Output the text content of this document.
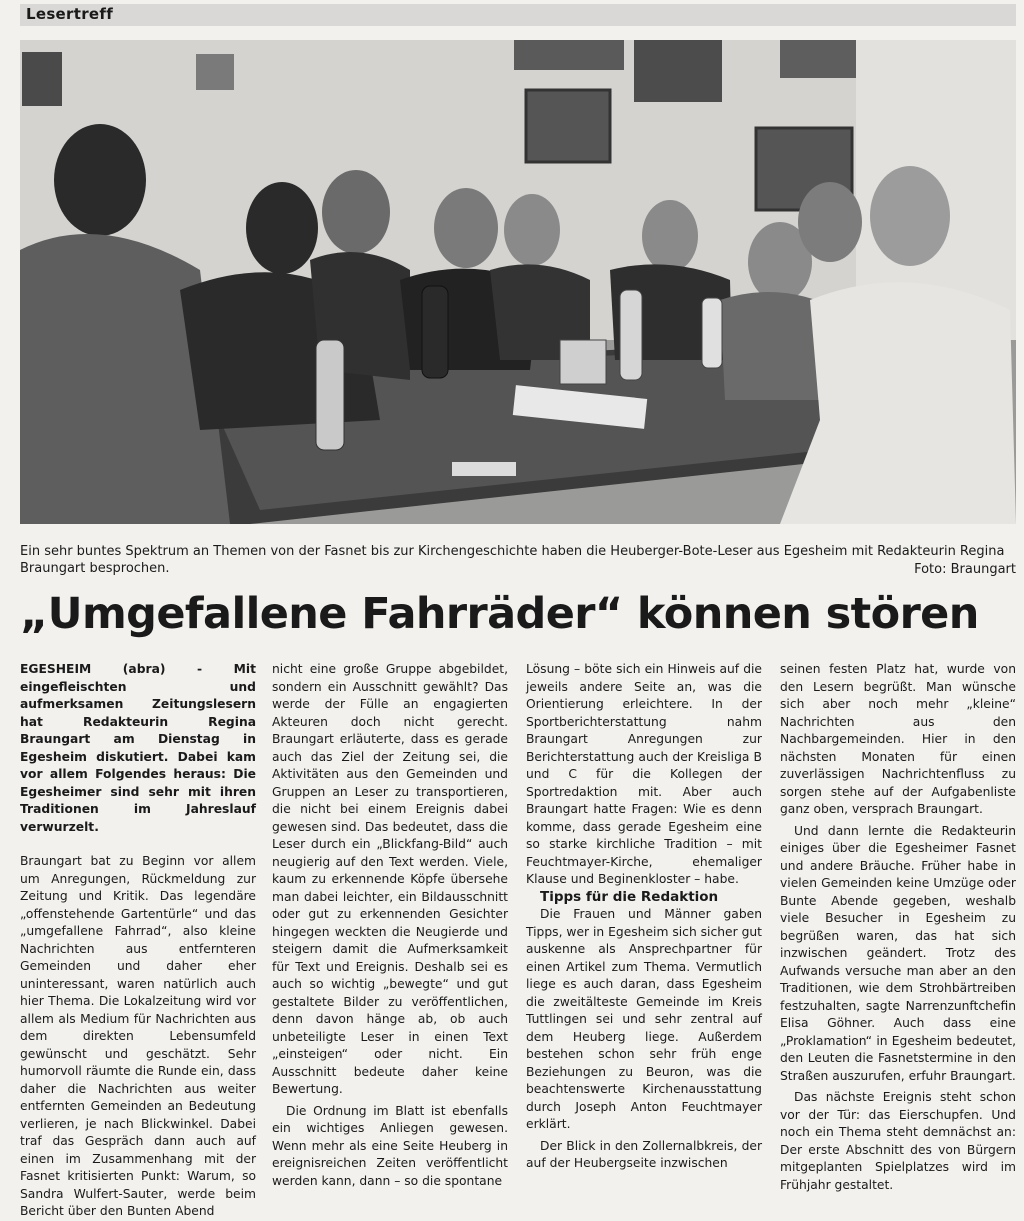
Lesertreff
Ein sehr buntes Spektrum an Themen von der Fasnet bis zur Kirchengeschichte haben die Heuberger-Bote-Leser aus Egesheim mit Redakteurin Regina Braungart besprochen.	Foto: Braungart
„Umgefallene Fahrräder“ können stören

EGESHEIM (abra) - Mit eingefleischten und aufmerksamen Zeitungslesern hat Redakteurin Regina Braungart am Dienstag in Egesheim diskutiert. Dabei kam vor allem Folgendes heraus: Die Egesheimer sind sehr mit ihren Traditionen im Jahreslauf verwurzelt.

Braungart bat zu Beginn vor allem um Anregungen, Rückmeldung zur Zeitung und Kritik. Das legendäre „offenstehende Gartentürle“ und das „umgefallene Fahrrad“, also kleine Nachrichten aus entfernteren Gemeinden und daher eher uninteressant, waren natürlich auch hier Thema. Die Lokalzeitung wird vor allem als Medium für Nachrichten aus dem direkten Lebensumfeld gewünscht und geschätzt. Sehr humorvoll räumte die Runde ein, dass daher die Nachrichten aus weiter entfernten Gemeinden an Bedeutung verlieren, je nach Blickwinkel. Dabei traf das Gespräch dann auch auf einen im Zusammenhang mit der Fasnet kritisierten Punkt: Warum, so Sandra Wulfert-Sauter, werde beim Bericht über den Bunten Abend

nicht eine große Gruppe abgebildet, sondern ein Ausschnitt gewählt? Das werde der Fülle an engagierten Akteuren doch nicht gerecht. Braungart erläuterte, dass es gerade auch das Ziel der Zeitung sei, die Aktivitäten aus den Gemeinden und Gruppen an Leser zu transportieren, die nicht bei einem Ereignis dabei gewesen sind. Das bedeutet, dass die Leser durch ein „Blickfang-Bild“ auch neugierig auf den Text werden. Viele, kaum zu erkennende Köpfe übersehe man dabei leichter, ein Bildausschnitt oder gut zu erkennenden Gesichter hingegen weckten die Neugierde und steigern damit die Aufmerksamkeit für Text und Ereignis. Deshalb sei es auch so wichtig „bewegte“ und gut gestaltete Bilder zu veröffentlichen, denn davon hänge ab, ob auch unbeteiligte Leser in einen Text „einsteigen“ oder nicht. Ein Ausschnitt bedeute daher keine Bewertung.

Die Ordnung im Blatt ist ebenfalls ein wichtiges Anliegen gewesen. Wenn mehr als eine Seite Heuberg in ereignisreichen Zeiten veröffentlicht werden kann, dann – so die spontane

Lösung – böte sich ein Hinweis auf die jeweils andere Seite an, was die Orientierung erleichtere. In der Sportberichterstattung nahm Braungart Anregungen zur Berichterstattung auch der Kreisliga B und C für die Kollegen der Sportredaktion mit. Aber auch Braungart hatte Fragen: Wie es denn komme, dass gerade Egesheim eine so starke kirchliche Tradition – mit Feuchtmayer-Kirche, ehemaliger Klause und Beginenkloster – habe.

Tipps für die Redaktion

Die Frauen und Männer gaben Tipps, wer in Egesheim sich sicher gut auskenne als Ansprechpartner für einen Artikel zum Thema. Vermutlich liege es auch daran, dass Egesheim die zweitälteste Gemeinde im Kreis Tuttlingen sei und sehr zentral auf dem Heuberg liege. Außerdem bestehen schon sehr früh enge Beziehungen zu Beuron, was die beachtenswerte Kirchenausstattung durch Joseph Anton Feuchtmayer erklärt.

Der Blick in den Zollernalbkreis, der auf der Heubergseite inzwischen

seinen festen Platz hat, wurde von den Lesern begrüßt. Man wünsche sich aber noch mehr „kleine“ Nachrichten aus den Nachbargemeinden. Hier in den nächsten Monaten für einen zuverlässigen Nachrichtenfluss zu sorgen stehe auf der Aufgabenliste ganz oben, versprach Braungart.

Und dann lernte die Redakteurin einiges über die Egesheimer Fasnet und andere Bräuche. Früher habe in vielen Gemeinden keine Umzüge oder Bunte Abende gegeben, weshalb viele Besucher in Egesheim zu begrüßen waren, das hat sich inzwischen geändert. Trotz des Aufwands versuche man aber an den Traditionen, wie dem Strohbärtreiben festzuhalten, sagte Narrenzunftchefin Elisa Göhner. Auch dass eine „Proklamation“ in Egesheim bedeutet, den Leuten die Fasnetstermine in den Straßen auszurufen, erfuhr Braungart.

Das nächste Ereignis steht schon vor der Tür: das Eierschupfen. Und noch ein Thema steht demnächst an: Der erste Abschnitt des von Bürgern mitgeplanten Spielplatzes wird im Frühjahr gestaltet.
